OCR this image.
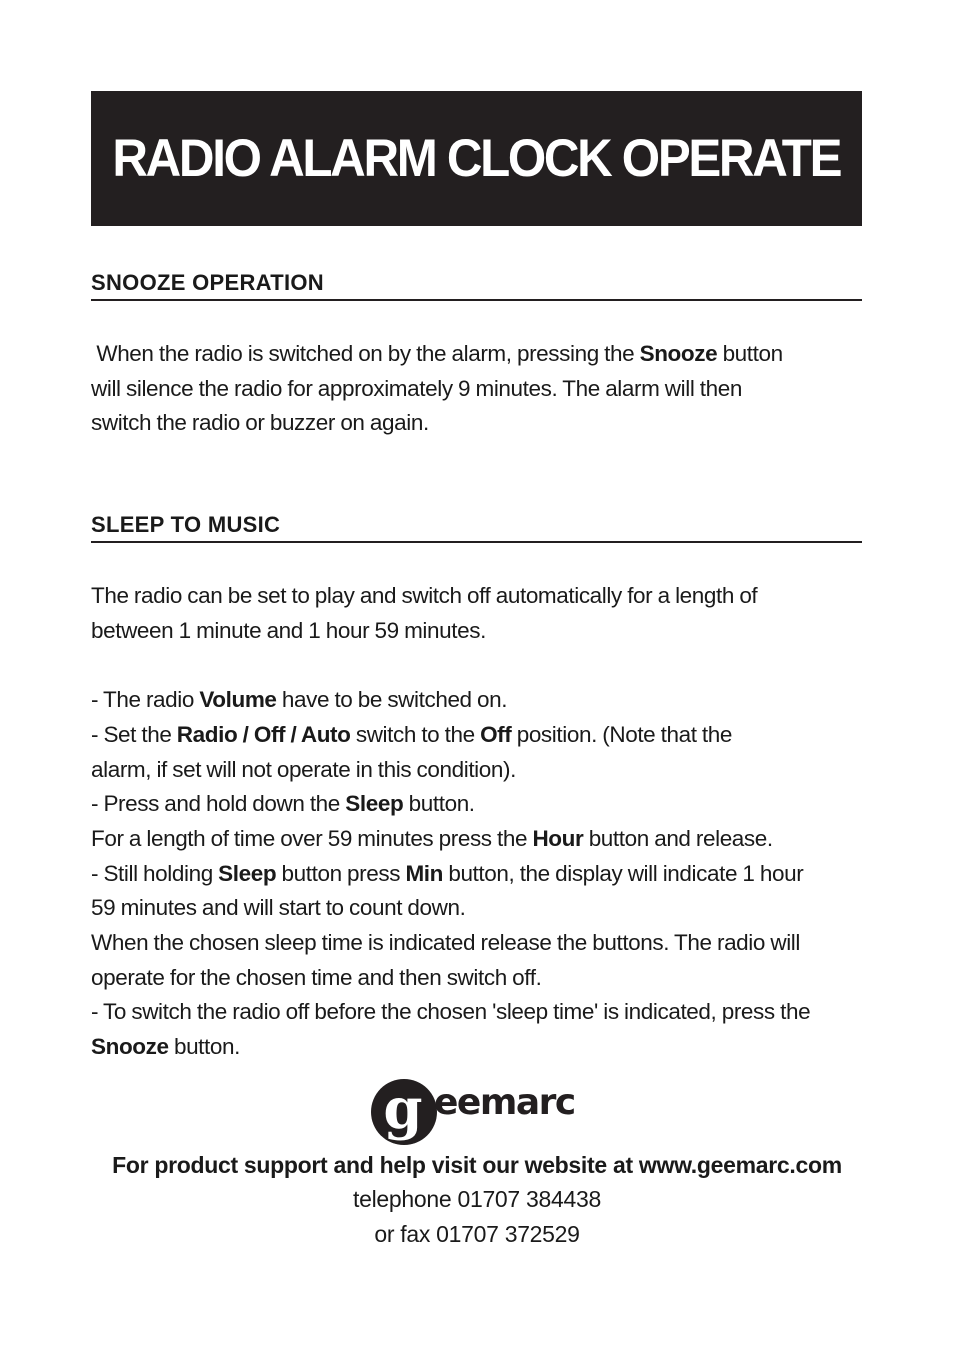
RADIO ALARM CLOCK OPERATE
SNOOZE OPERATION

When the radio is switched on by the alarm, pressing the Snooze button

will silence the radio for approximately 9 minutes. The alarm will then

switch the radio or buzzer on again.

SLEEP TO MUSIC

The radio can be set to play and switch off automatically for a length of

between 1 minute and 1 hour 59 minutes.

- The radio Volume have to be switched on.

- Set the Radio / Off / Auto switch to the Off position. (Note that the

alarm, if set will not operate in this condition).

- Press and hold down the Sleep button.

For a length of time over 59 minutes press the Hour button and release.

- Still holding Sleep button press Min button, the display will indicate 1 hour

59 minutes and will start to count down.

When the chosen sleep time is indicated release the buttons. The radio will

operate for the chosen time and then switch off.

- To switch the radio off before the chosen 'sleep time' is indicated, press the

Snooze button.

g eemarc
For product support and help visit our website at www.geemarc.com
telephone 01707 384438
or fax 01707 372529
